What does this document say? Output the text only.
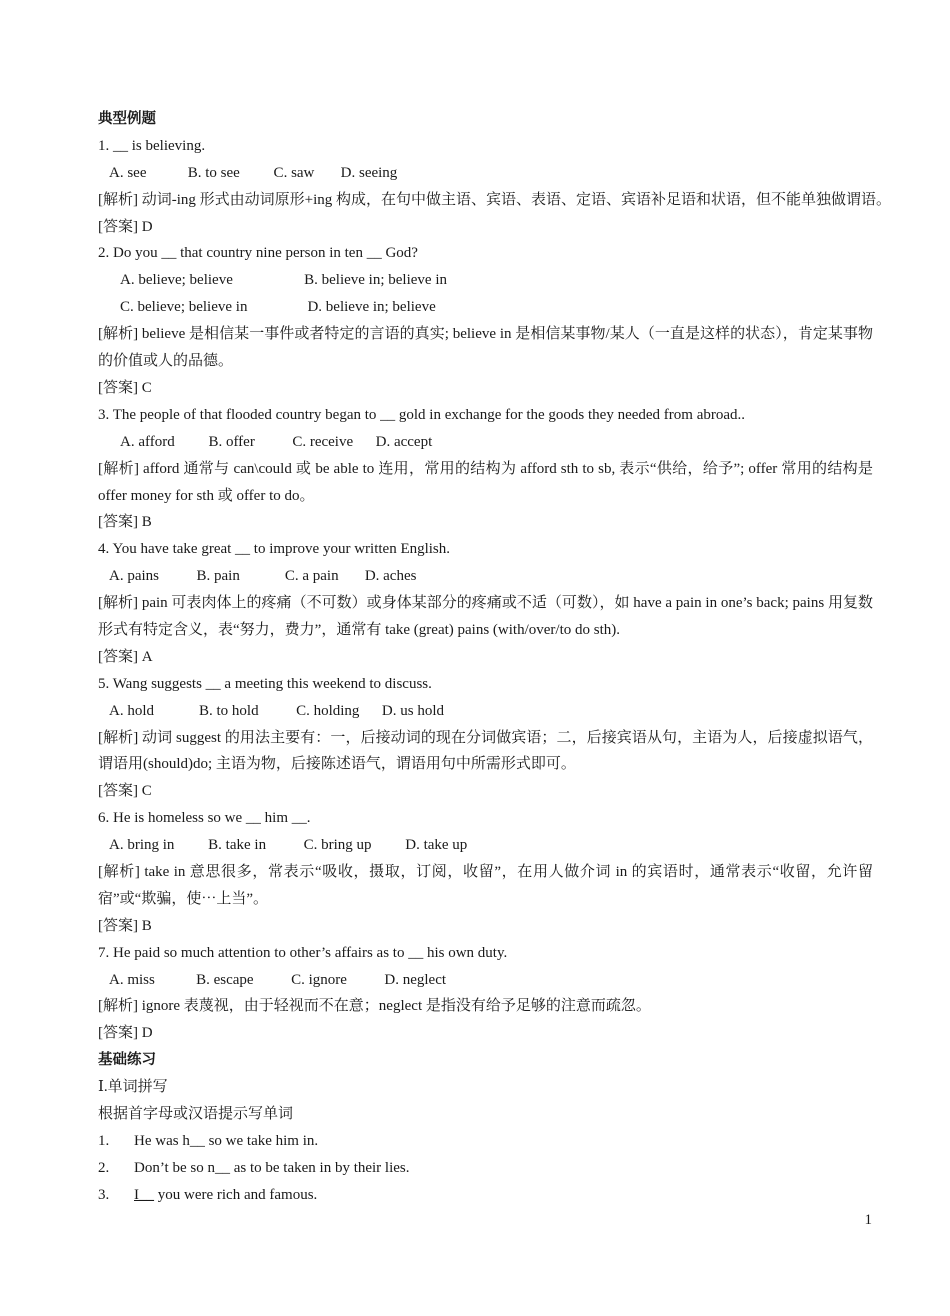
典型例题
1. __ is believing.
A. see           B. to see         C. saw       D. seeing
[解析] 动词-ing 形式由动词原形+ing 构成，在句中做主语、宾语、表语、定语、宾语补足语和状语，但不能单独做谓语。
[答案] D
2. Do you __ that country nine person in ten __ God?
A. believe; believe                   B. believe in; believe in
C. believe; believe in                D. believe in; believe
[解析] believe 是相信某一事件或者特定的言语的真实; believe in 是相信某事物/某人（一直是这样的状态），肯定某事物的价值或人的品德。
[答案] C
3. The people of that flooded country began to __ gold in exchange for the goods they needed from abroad..
A. afford         B. offer          C. receive      D. accept
[解析] afford 通常与 can\could 或 be able to 连用，常用的结构为 afford sth to sb, 表示“供给，给予”; offer 常用的结构是 offer money for sth 或 offer to do。
[答案] B
4. You have take great __ to improve your written English.
A. pains          B. pain            C. a pain       D. aches
[解析] pain 可表肉体上的疼痛（不可数）或身体某部分的疼痛或不适（可数），如 have a pain in one’s back; pains 用复数形式有特定含义，表“努力，费力”，通常有 take (great) pains (with/over/to do sth).
[答案] A
5. Wang suggests __ a meeting this weekend to discuss.
A. hold            B. to hold          C. holding      D. us hold
[解析] 动词 suggest 的用法主要有：一，后接动词的现在分词做宾语；二，后接宾语从句，主语为人，后接虚拟语气，谓语用(should)do; 主语为物，后接陈述语气，谓语用句中所需形式即可。
[答案] C
6. He is homeless so we __ him __.
A. bring in         B. take in          C. bring up         D. take up
[解析] take in 意思很多，常表示“吸收，摄取，订阅，收留”，在用人做介词 in 的宾语时，通常表示“收留，允许留宿”或“欺骗，使⋯上当”。
[答案] B
7. He paid so much attention to other’s affairs as to __ his own duty.
A. miss           B. escape          C. ignore          D. neglect
[解析] ignore 表蔑视，由于轻视而不在意；neglect 是指没有给予足够的注意而疏忽。
[答案] D
基础练习
Ⅰ.单词拼写
根据首字母或汉语提示写单词
1. He was h__ so we take him in.
2. Don’t be so n__ as to be taken in by their lies.
3. I__ you were rich and famous.
1
